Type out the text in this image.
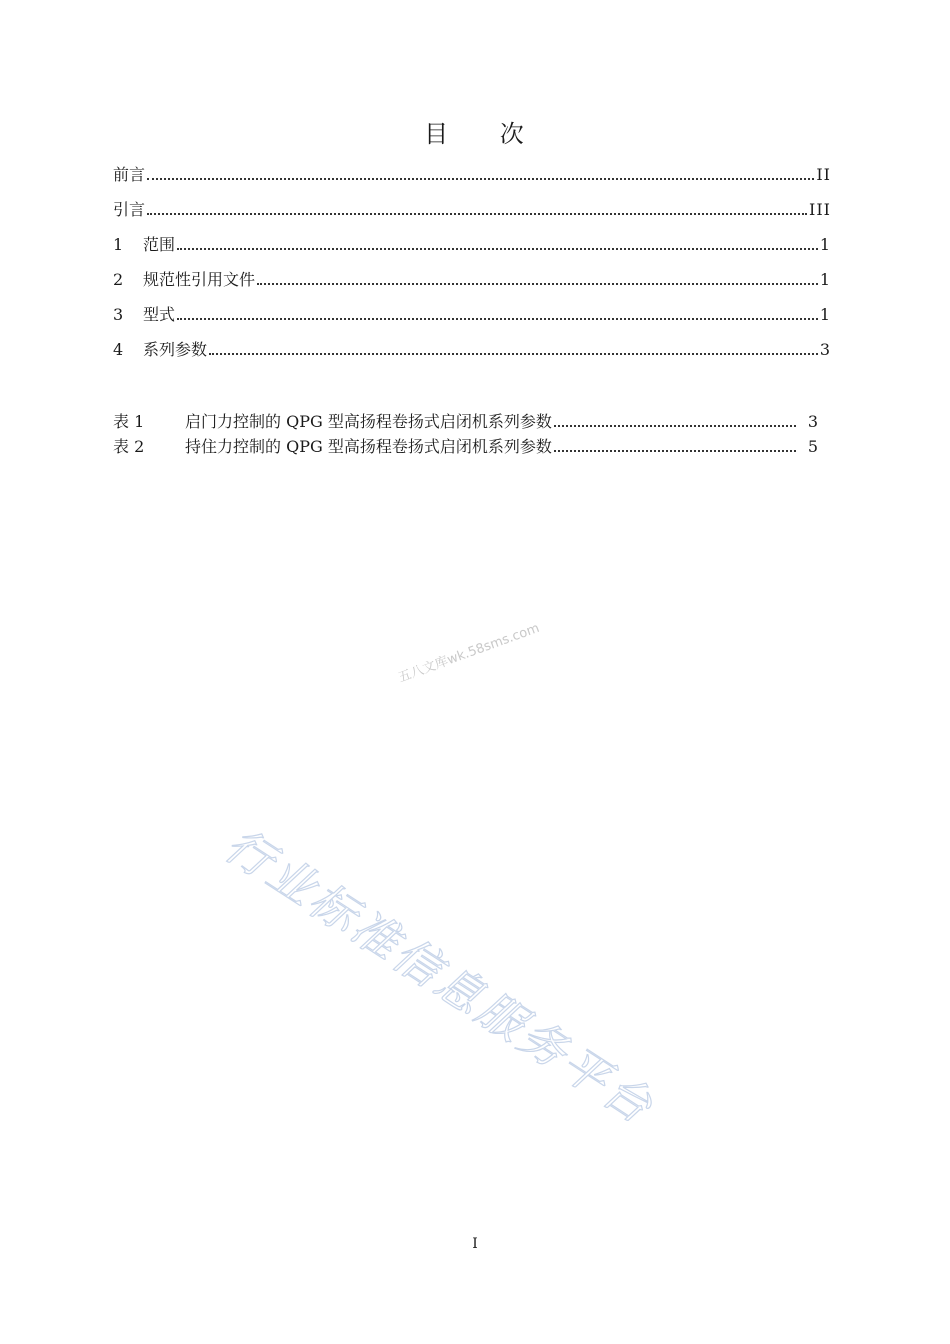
目 次
前言	II
引言	III
1	范围	1
2	规范性引用文件	1
3	型式	1
4	系列参数	3
表 1	启门力控制的 QPG 型高扬程卷扬式启闭机系列参数	3
表 2	持住力控制的 QPG 型高扬程卷扬式启闭机系列参数	5
五八文库wk.58sms.com
行业标准信息服务平台
I
